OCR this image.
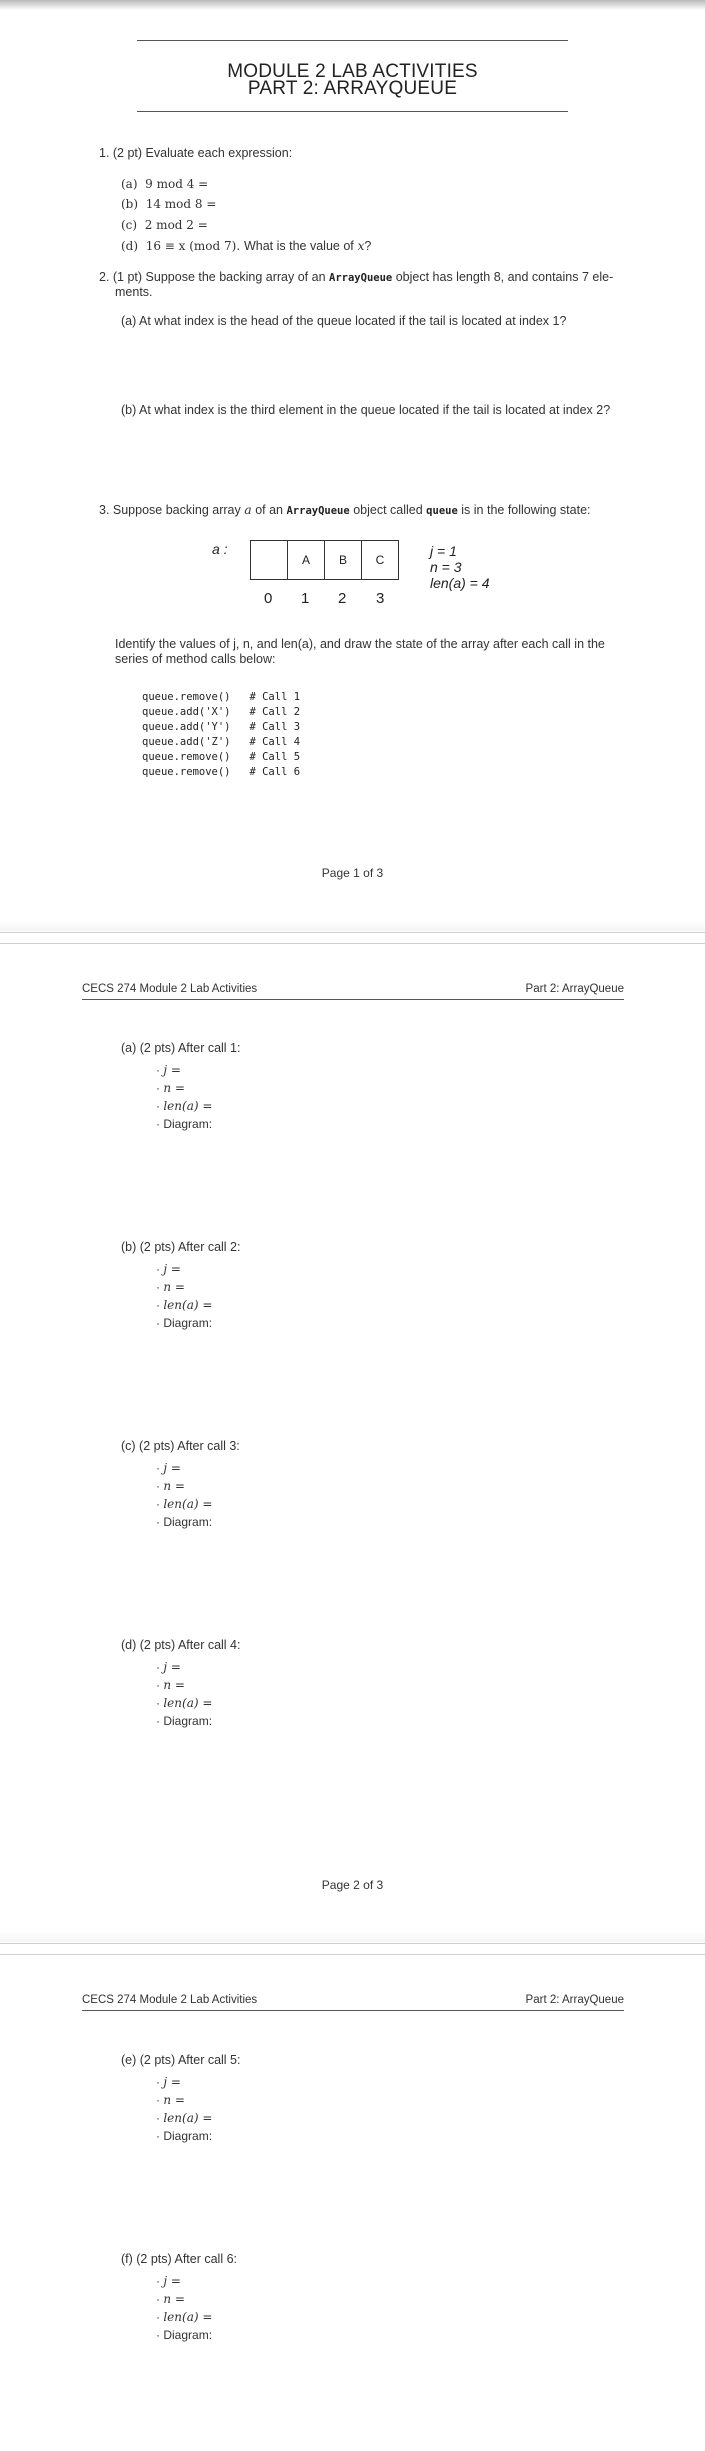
MODULE 2 LAB ACTIVITIES
PART 2: ARRAYQUEUE
1. (2 pt) Evaluate each expression:
(a) 9 mod 4 =
(b) 14 mod 8 =
(c) 2 mod 2 =
(d) 16 ≡ x (mod 7). What is the value of x?
2. (1 pt) Suppose the backing array of an ArrayQueue object has length 8, and contains 7 ele-
ments.
(a) At what index is the head of the queue located if the tail is located at index 1?
(b) At what index is the third element in the queue located if the tail is located at index 2?
3. Suppose backing array a of an ArrayQueue object called queue is in the following state:
a :
A	B	C
0 1 2 3
j = 1
n = 3
len(a) = 4
Identify the values of j, n, and len(a), and draw the state of the array after each call in the
series of method calls below:
queue.remove()   # Call 1
queue.add('X')   # Call 2
queue.add('Y')   # Call 3
queue.add('Z')   # Call 4
queue.remove()   # Call 5
queue.remove()   # Call 6
Page 1 of 3
CECS 274 Module 2 Lab Activities	Part 2: ArrayQueue
(a) (2 pts) After call 1:
· j =
· n =
· len(a) =
· Diagram:
(b) (2 pts) After call 2:
· j =
· n =
· len(a) =
· Diagram:
(c) (2 pts) After call 3:
· j =
· n =
· len(a) =
· Diagram:
(d) (2 pts) After call 4:
· j =
· n =
· len(a) =
· Diagram:
Page 2 of 3
CECS 274 Module 2 Lab Activities	Part 2: ArrayQueue
(e) (2 pts) After call 5:
· j =
· n =
· len(a) =
· Diagram:
(f) (2 pts) After call 6:
· j =
· n =
· len(a) =
· Diagram:
